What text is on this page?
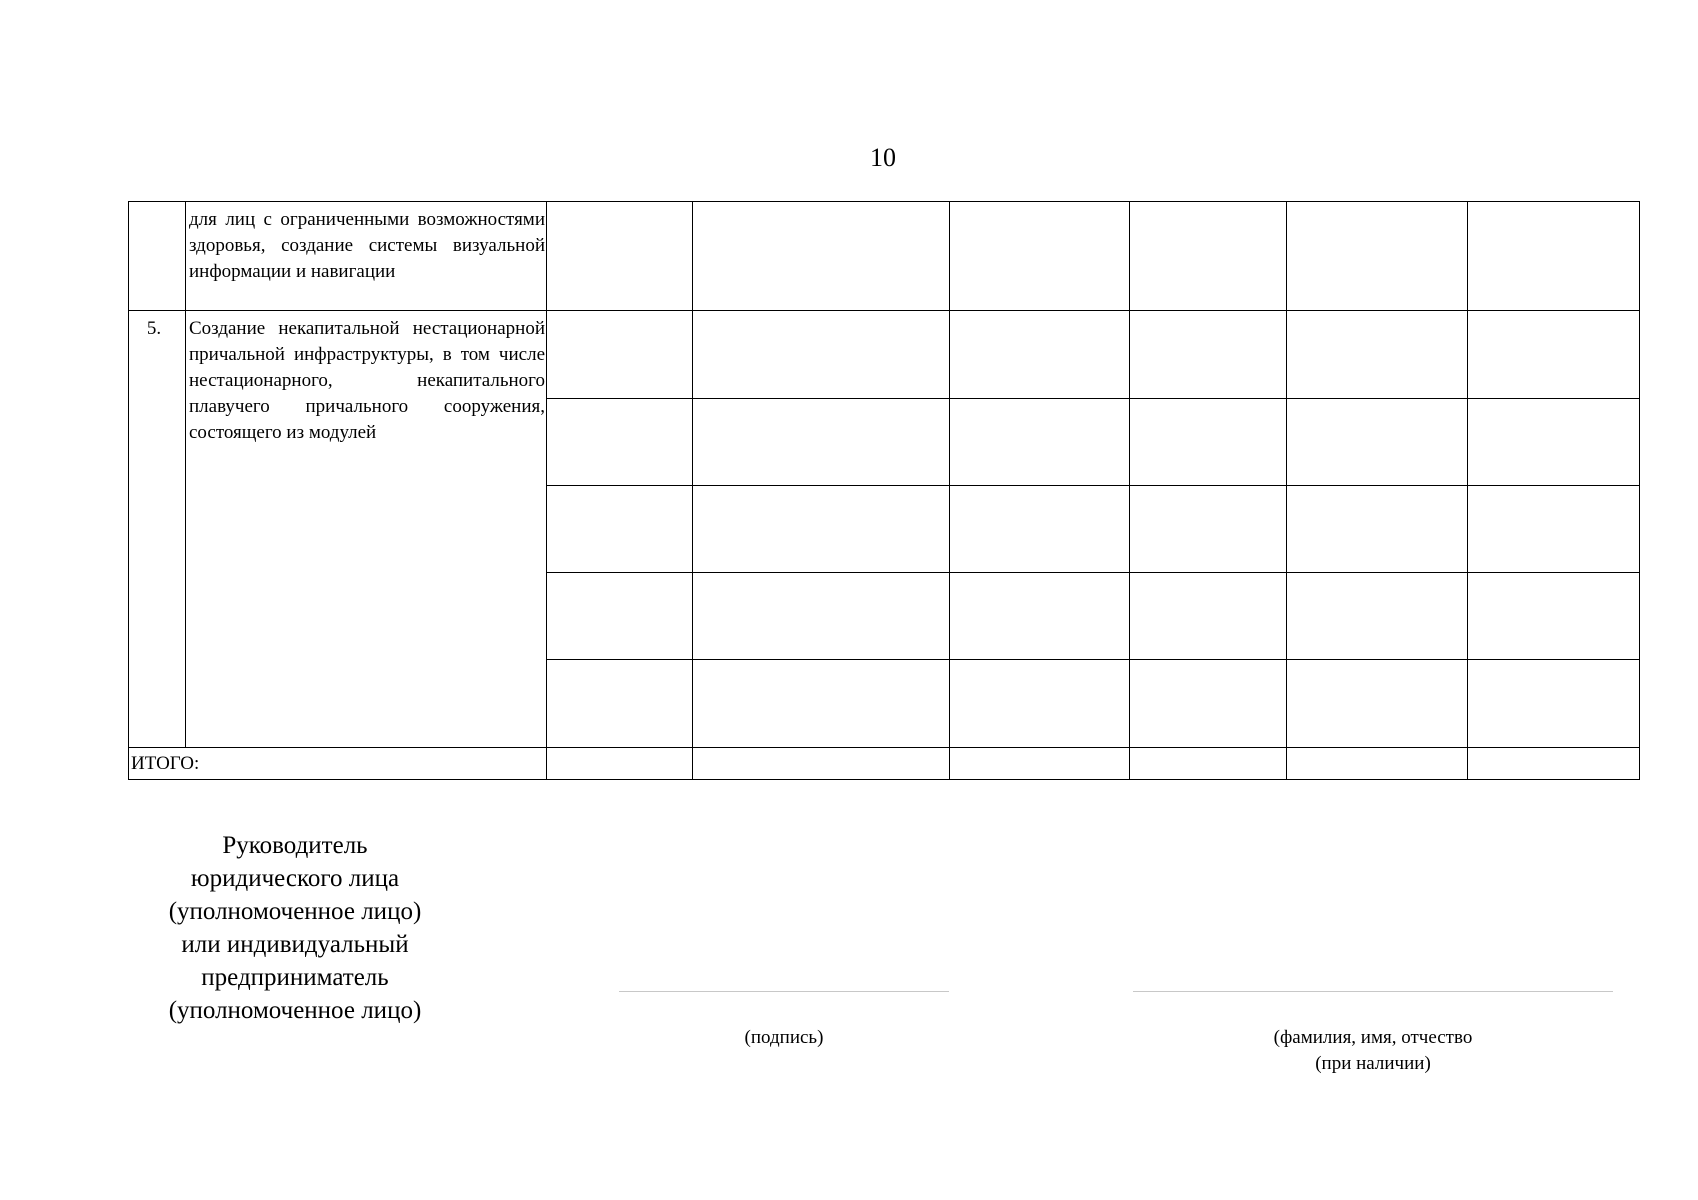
10
	для лиц с ограниченными возможностями здоровья, создание системы визуальной информации и навигации						
5.	Создание некапитальной нестационарной причальной инфраструктуры, в том числе нестационарного, некапитального плавучего причального сооружения, состоящего из модулей						

ИТОГО:							
Руководитель
юридического лица
(уполномоченное лицо)
или индивидуальный
предприниматель
(уполномоченное лицо)
(подпись)	(фамилия, имя, отчество
(при наличии)
